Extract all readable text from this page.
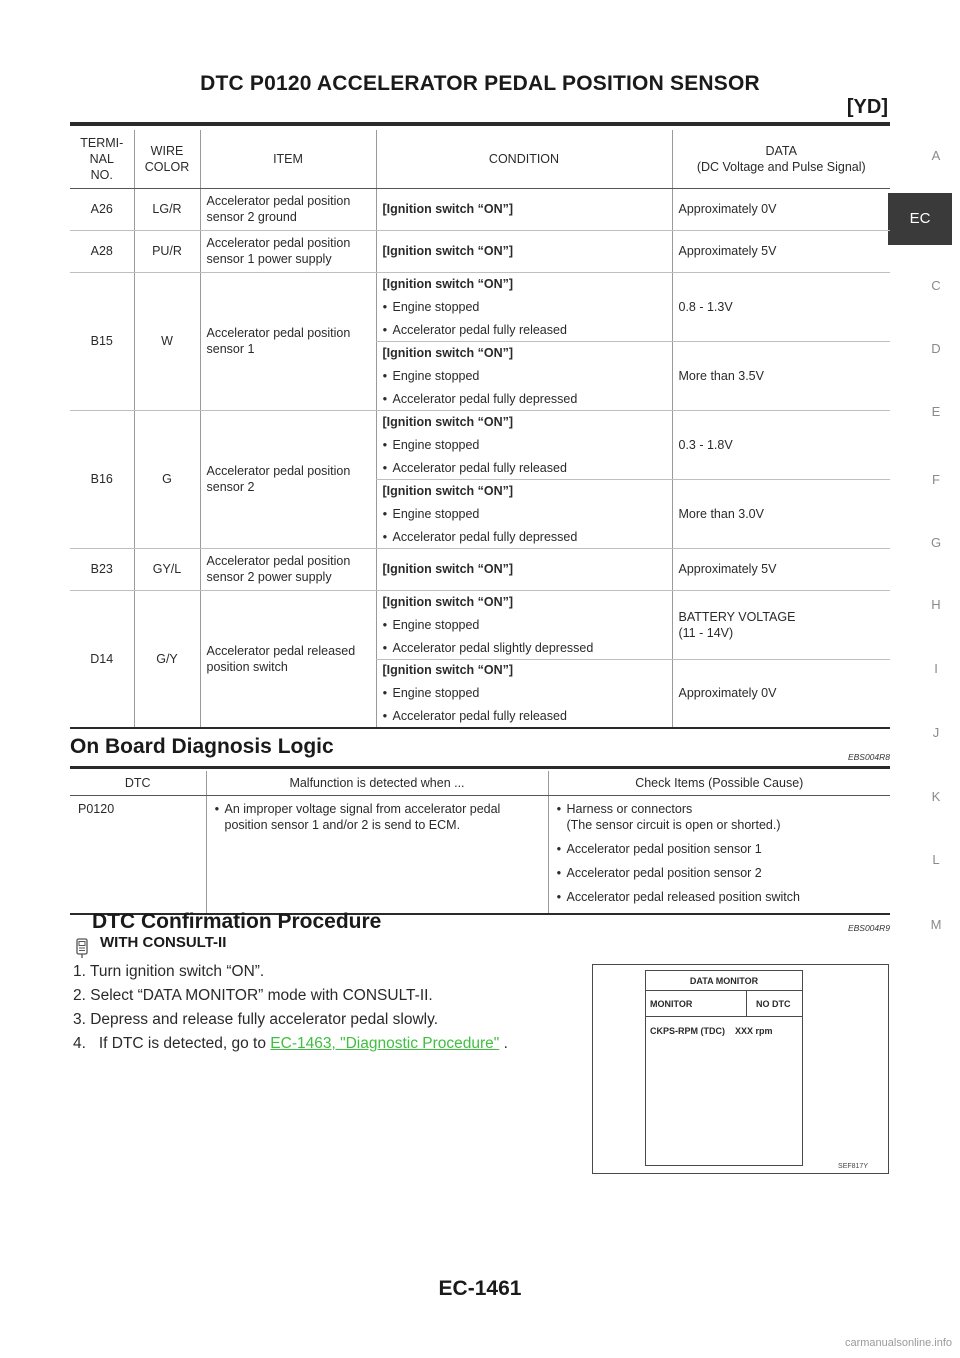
DTC P0120 ACCELERATOR PEDAL POSITION SENSOR
[YD]
A
EC
C
D
E
F
G
H
I
J
K
L
M
TERMI-
NAL
NO.	WIRE
COLOR	ITEM	CONDITION	DATA
(DC Voltage and Pulse Signal)
A26	LG/R	Accelerator pedal position sensor 2 ground	[Ignition switch “ON”]	Approximately 0V
A28	PU/R	Accelerator pedal position sensor 1 power supply	[Ignition switch “ON”]	Approximately 5V
B15	W	Accelerator pedal position sensor 1	[Ignition switch “ON”]
● Engine stopped
● Accelerator pedal fully released	0.8 - 1.3V
			[Ignition switch “ON”]
● Engine stopped
● Accelerator pedal fully depressed	More than 3.5V
B16	G	Accelerator pedal position sensor 2	[Ignition switch “ON”]
● Engine stopped
● Accelerator pedal fully released	0.3 - 1.8V
			[Ignition switch “ON”]
● Engine stopped
● Accelerator pedal fully depressed	More than 3.0V
B23	GY/L	Accelerator pedal position sensor 2 power supply	[Ignition switch “ON”]	Approximately 5V
D14	G/Y	Accelerator pedal released position switch	[Ignition switch “ON”]
● Engine stopped
● Accelerator pedal slightly depressed	BATTERY VOLTAGE
(11 - 14V)
			[Ignition switch “ON”]
● Engine stopped
● Accelerator pedal fully released	Approximately 0V
On Board Diagnosis Logic	EBS004R8
DTC	Malfunction is detected when ...	Check Items (Possible Cause)
P0120	● An improper voltage signal from accelerator pedal position sensor 1 and/or 2 is send to ECM.	● Harness or connectors
(The sensor circuit is open or shorted.)
● Accelerator pedal position sensor 1
● Accelerator pedal position sensor 2
● Accelerator pedal released position switch
DTC Confirmation Procedure	EBS004R9
WITH CONSULT-II
1. Turn ignition switch “ON”.
2. Select “DATA MONITOR” mode with CONSULT-II.
3. Depress and release fully accelerator pedal slowly.
4.   If DTC is detected, go to EC-1463, "Diagnostic Procedure" .
DATA MONITOR
MONITOR	NO DTC
CKPS-RPM (TDC)    XXX rpm
SEF817Y
EC-1461
carmanualsonline.info
